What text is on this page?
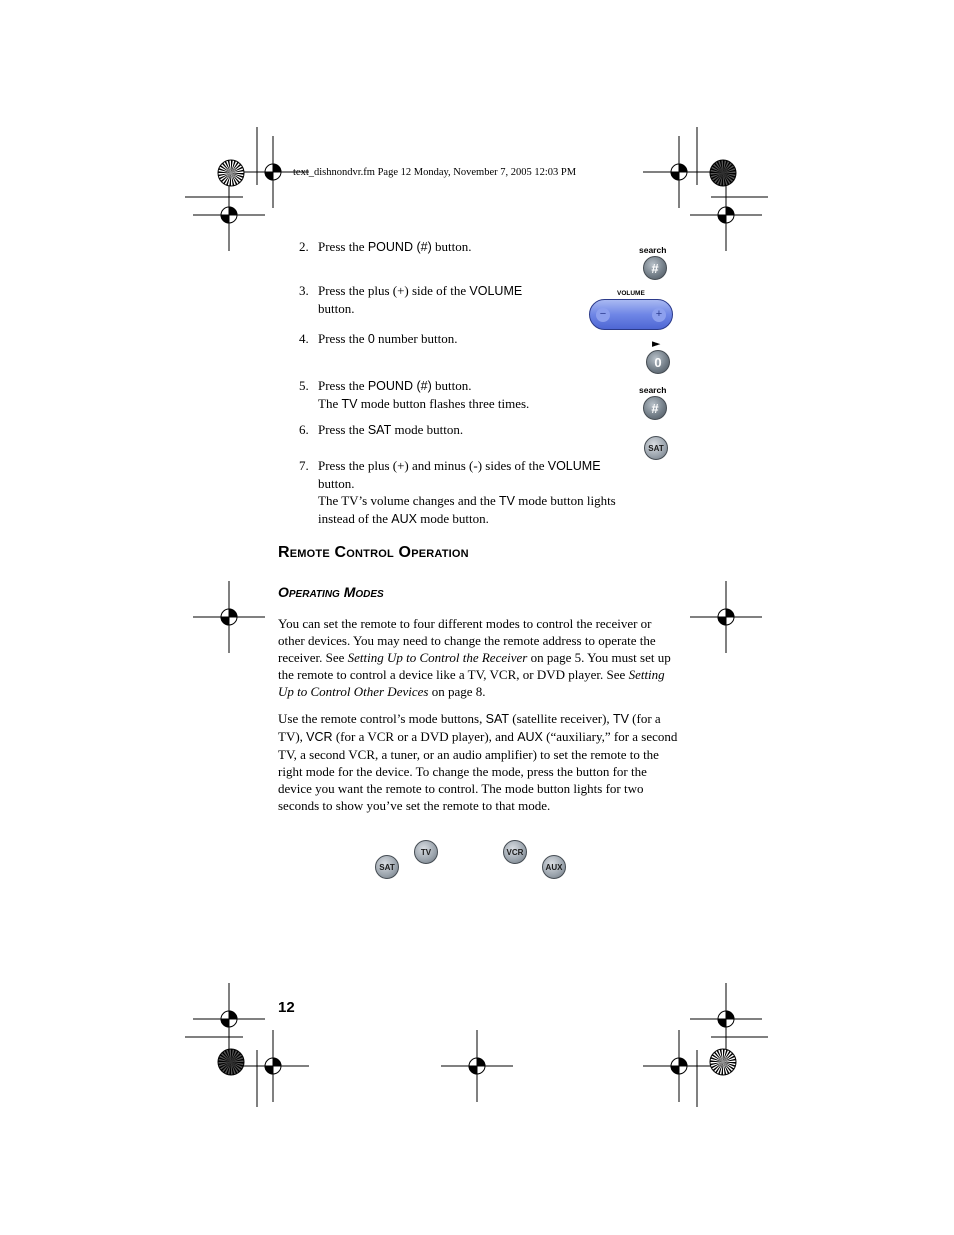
text_dishnondvr.fm Page 12 Monday, November 7, 2005 12:03 PM
2. Press the POUND (#) button.
3. Press the plus (+) side of the VOLUME
button.
4. Press the 0 number button.
5. Press the POUND (#) button.
The TV mode button flashes three times.
6. Press the SAT mode button.
7. Press the plus (+) and minus (-) sides of the VOLUME
button.
The TV’s volume changes and the TV mode button lights
instead of the AUX mode button.
search
#
VOLUME
−	+
►
0
search
#
SAT
Remote Control Operation
Operating Modes

You can set the remote to four different modes to control the receiver or other devices. You may need to change the remote address to operate the receiver. See Setting Up to Control the Receiver on page 5. You must set up the remote to control a device like a TV, VCR, or DVD player. See Setting Up to Control Other Devices on page 8.

Use the remote control’s mode buttons, SAT (satellite receiver), TV (for a TV), VCR (for a VCR or a DVD player), and AUX (“auxiliary,” for a second TV, a second VCR, a tuner, or an audio amplifier) to set the remote to the right mode for the device. To change the mode, press the button for the device you want the remote to control. The mode button lights for two seconds to show you’ve set the remote to that mode.

SAT
TV	VCR
AUX
12
